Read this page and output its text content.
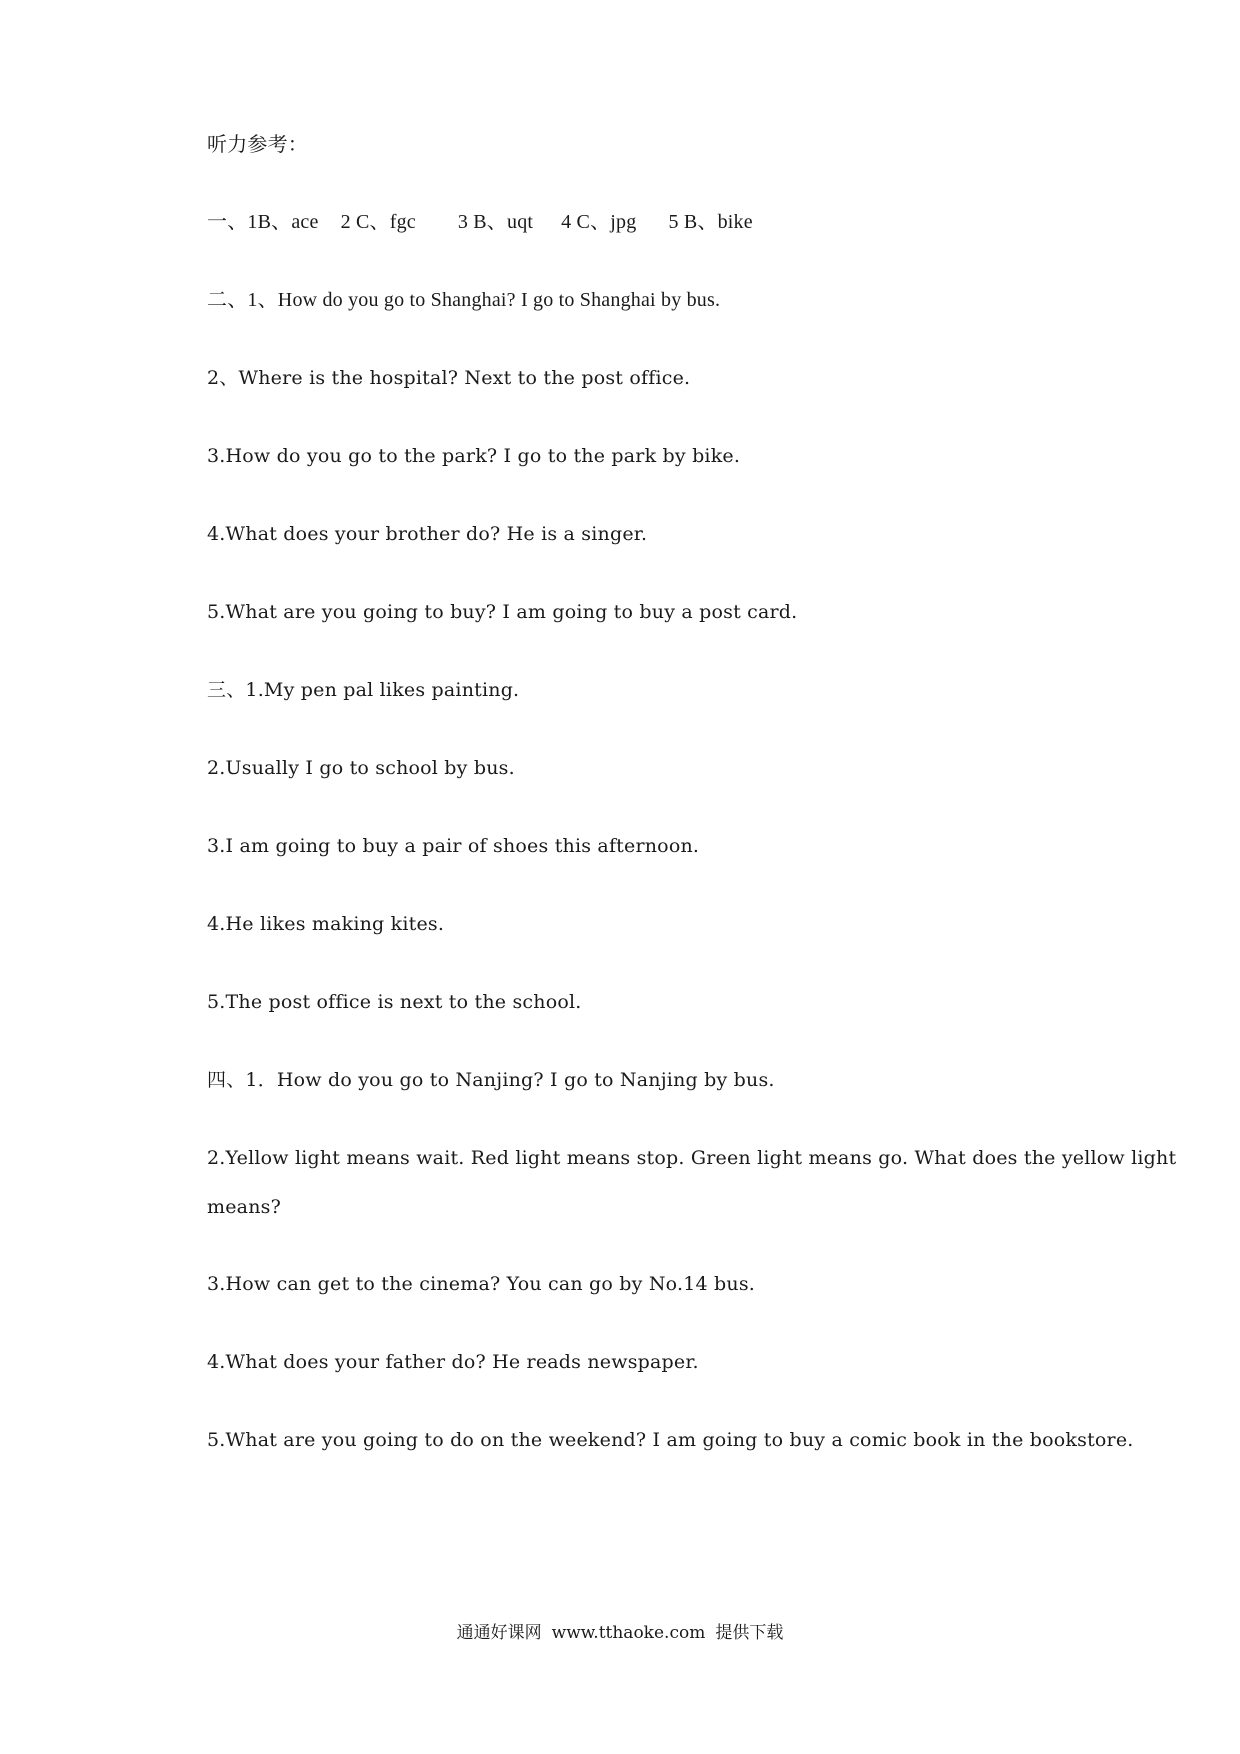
听力参考：
一、1B、ace 2 C、fgc 3 B、uqt 4 C、jpg 5 B、bike
二、1、How do you go to Shanghai? I go to Shanghai by bus.
2、Where is the hospital? Next to the post office.
3.How do you go to the park? I go to the park by bike.
4.What does your brother do? He is a singer.
5.What are you going to buy? I am going to buy a post card.
三、1.My pen pal likes painting.
2.Usually I go to school by bus.
3.I am going to buy a pair of shoes this afternoon.
4.He likes making kites.
5.The post office is next to the school.
四、1．How do you go to Nanjing? I go to Nanjing by bus.
2.Yellow light means wait. Red light means stop. Green light means go. What does the yellow light
means?
3.How can get to the cinema? You can go by No.14 bus.
4.What does your father do? He reads newspaper.
5.What are you going to do on the weekend? I am going to buy a comic book in the bookstore.
通通好课网 www.tthaoke.com 提供下载
